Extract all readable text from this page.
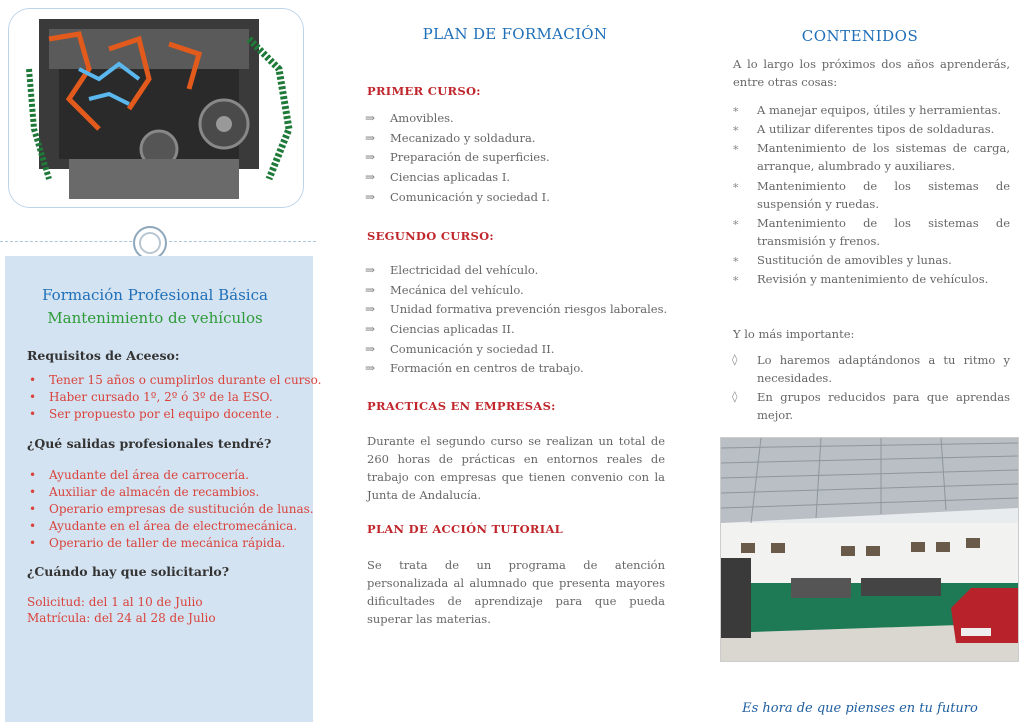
Formación Profesional Básica
Mantenimiento de vehículos
Requisitos de Aceeso:
• Tener 15 años o cumplirlos durante el curso.
• Haber cursado 1º, 2º ó 3º de la ESO.
• Ser propuesto por el equipo docente .
¿Qué salidas profesionales tendré?
• Ayudante del área de carrocería.
• Auxiliar de almacén de recambios.
• Operario empresas de sustitución de lunas.
• Ayudante en el área de electromecánica.
• Operario de taller de mecánica rápida.
¿Cuándo hay que solicitarlo?
Solicitud: del 1 al 10 de Julio
Matrícula: del 24 al 28 de Julio
PLAN DE FORMACIÓN
PRIMER CURSO:
⇒ Amovibles.
⇒ Mecanizado y soldadura.
⇒ Preparación de superficies.
⇒ Ciencias aplicadas I.
⇒ Comunicación y sociedad I.
SEGUNDO CURSO:
⇒ Electricidad del vehículo.
⇒ Mecánica del vehículo.
⇒ Unidad formativa prevención riesgos laborales.
⇒ Ciencias aplicadas II.
⇒ Comunicación y sociedad II.
⇒ Formación en centros de trabajo.
PRACTICAS EN EMPRESAS:
Durante el segundo curso se realizan un total de 260 horas de prácticas en entornos reales de trabajo con empresas que tienen convenio con la Junta de Andalucía.
PLAN DE ACCIÓN TUTORIAL
Se trata de un programa de atención personalizada al alumnado que presenta mayores dificultades de aprendizaje para que pueda superar las materias.
CONTENIDOS
A lo largo los próximos dos años aprenderás, entre otras cosas:
∗ A manejar equipos, útiles y herramientas.
∗ A utilizar diferentes tipos de soldaduras.
∗ Mantenimiento de los sistemas de carga, arranque, alumbrado y auxiliares.
∗ Mantenimiento de los sistemas de suspensión y ruedas.
∗ Mantenimiento de los sistemas de transmisión y frenos.
∗ Sustitución de amovibles y lunas.
∗ Revisión y mantenimiento de vehículos.
Y lo más importante:
◊ Lo haremos adaptándonos a tu ritmo y necesidades.
◊ En grupos reducidos para que aprendas mejor.
Es hora de que pienses en tu futuro
